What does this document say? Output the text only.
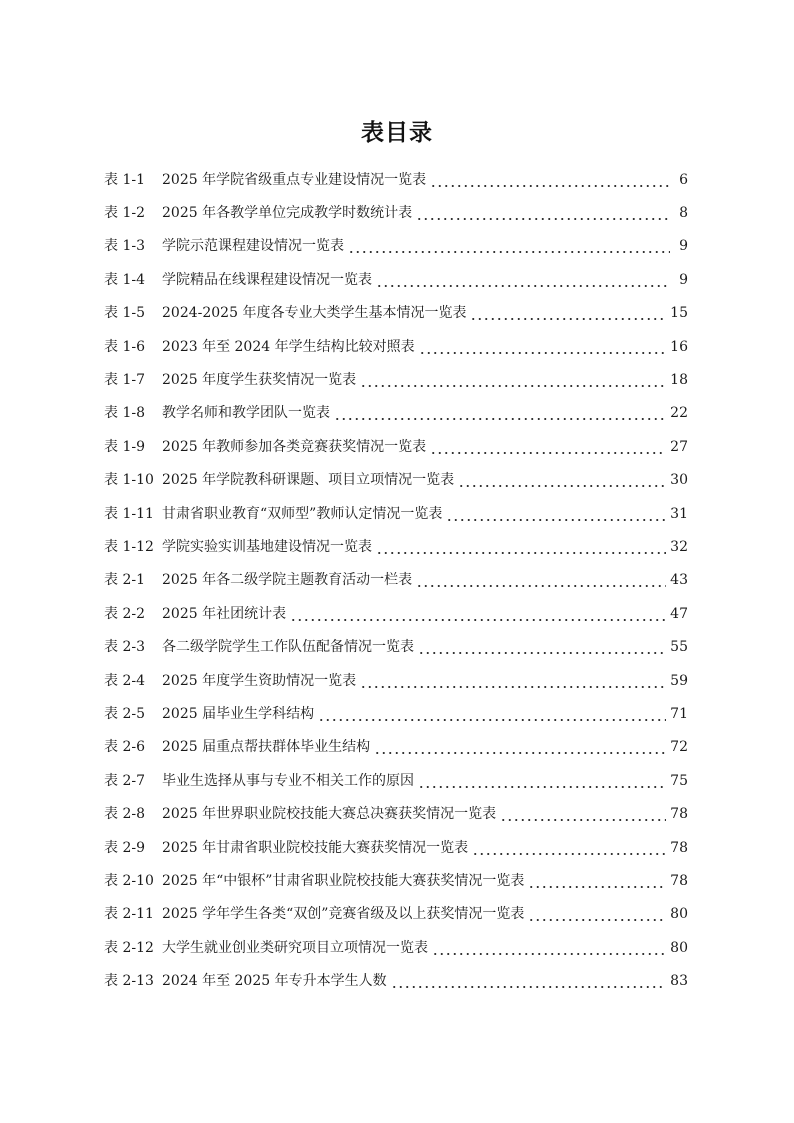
表目录
表 1-1	2025 年学院省级重点专业建设情况一览表	6
表 1-2	2025 年各教学单位完成教学时数统计表	8
表 1-3	学院示范课程建设情况一览表	9
表 1-4	学院精品在线课程建设情况一览表	9
表 1-5	2024-2025 年度各专业大类学生基本情况一览表	15
表 1-6	2023 年至 2024 年学生结构比较对照表	16
表 1-7	2025 年度学生获奖情况一览表	18
表 1-8	教学名师和教学团队一览表	22
表 1-9	2025 年教师参加各类竞赛获奖情况一览表	27
表 1-10 2025 年学院教科研课题、项目立项情况一览表	30
表 1-11 甘肃省职业教育“双师型”教师认定情况一览表	31
表 1-12 学院实验实训基地建设情况一览表	32
表 2-1	2025 年各二级学院主题教育活动一栏表	43
表 2-2	2025 年社团统计表	47
表 2-3	各二级学院学生工作队伍配备情况一览表	55
表 2-4	2025 年度学生资助情况一览表	59
表 2-5	2025 届毕业生学科结构	71
表 2-6	2025 届重点帮扶群体毕业生结构	72
表 2-7	毕业生选择从事与专业不相关工作的原因	75
表 2-8	2025 年世界职业院校技能大赛总决赛获奖情况一览表	78
表 2-9	2025 年甘肃省职业院校技能大赛获奖情况一览表	78
表 2-10 2025 年“中银杯”甘肃省职业院校技能大赛获奖情况一览表	78
表 2-11 2025 学年学生各类“双创”竞赛省级及以上获奖情况一览表	80
表 2-12 大学生就业创业类研究项目立项情况一览表	80
表 2-13 2024 年至 2025 年专升本学生人数	83
